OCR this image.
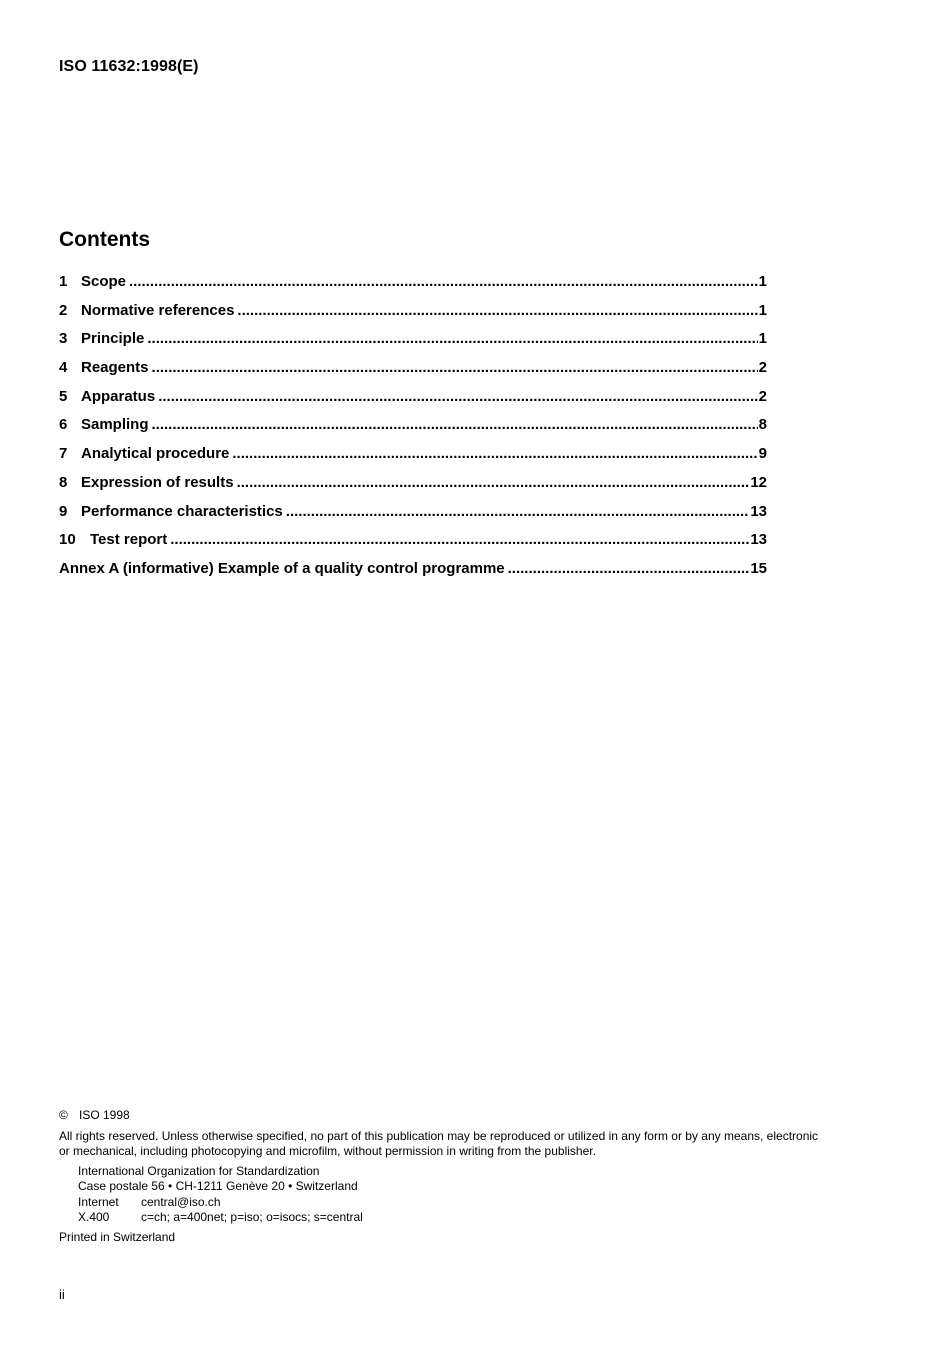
ISO 11632:1998(E)
Contents
1 Scope .....	1
2 Normative references .....	1
3 Principle .....	1
4 Reagents .....	2
5 Apparatus .....	2
6 Sampling .....	8
7 Analytical procedure .....	9
8 Expression of results .....	12
9 Performance characteristics .....	13
10 Test report .....	13
Annex A (informative) Example of a quality control programme .....	15
© ISO 1998
All rights reserved. Unless otherwise specified, no part of this publication may be reproduced or utilized in any form or by any means, electronic
or mechanical, including photocopying and microfilm, without permission in writing from the publisher.
International Organization for Standardization
Case postale 56 • CH-1211 Genève 20 • Switzerland
Internet central@iso.ch
X.400	c=ch; a=400net; p=iso; o=isocs; s=central
Printed in Switzerland
ii
